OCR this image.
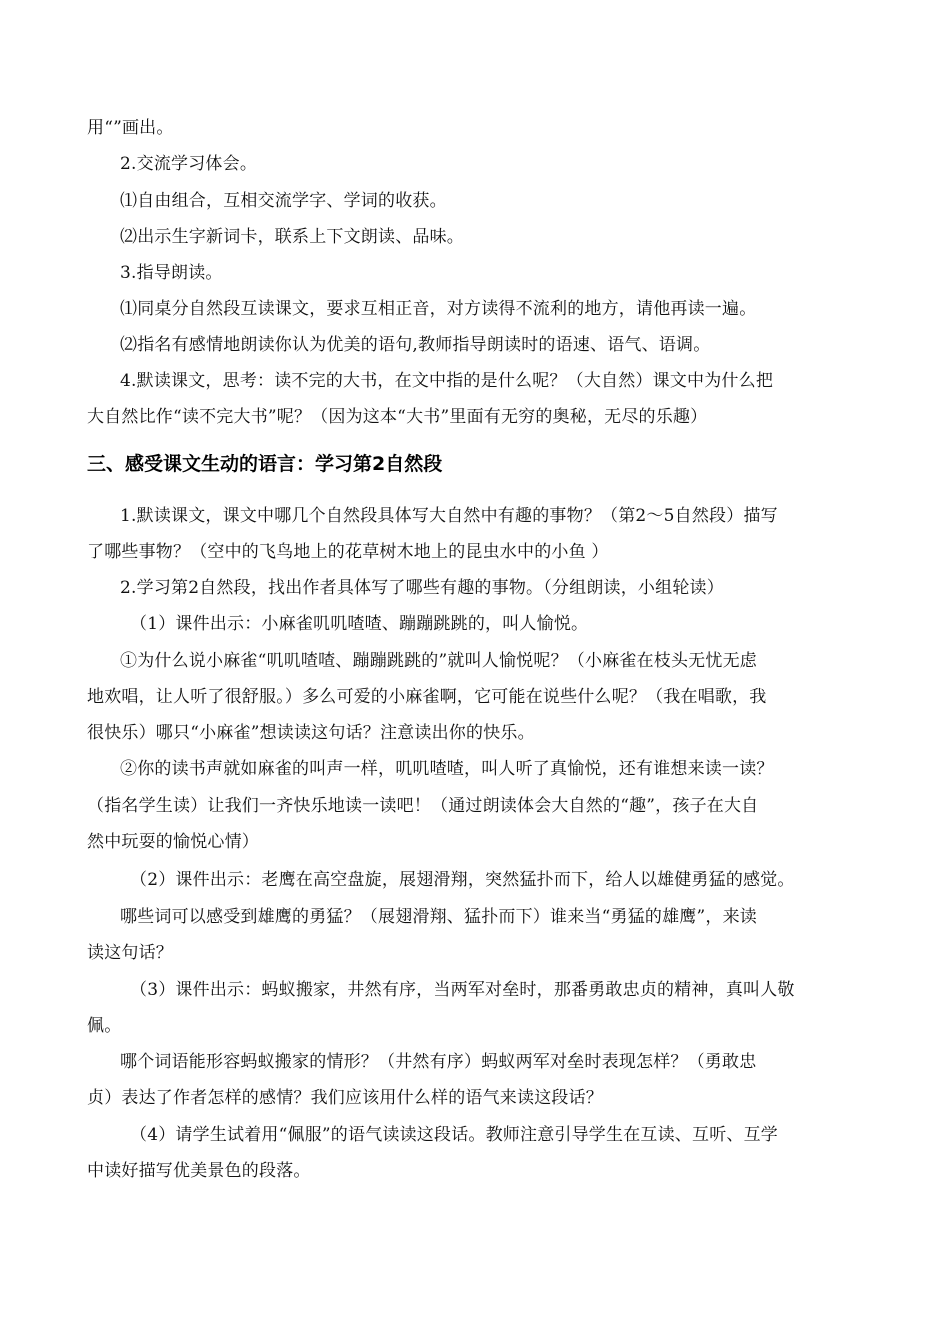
用“”画出。
2.交流学习体会。
⑴自由组合，互相交流学字、学词的收获。
⑵出示生字新词卡，联系上下文朗读、品味。
3.指导朗读。
⑴同桌分自然段互读课文，要求互相正音，对方读得不流利的地方，请他再读一遍。
⑵指名有感情地朗读你认为优美的语句,教师指导朗读时的语速、语气、语调。
4.默读课文，思考：读不完的大书，在文中指的是什么呢？（大自然）课文中为什么把
大自然比作“读不完大书”呢？（因为这本“大书”里面有无穷的奥秘，无尽的乐趣）
三、感受课文生动的语言：学习第2自然段
1.默读课文，课文中哪几个自然段具体写大自然中有趣的事物？（第2～5自然段）描写
了哪些事物？（空中的飞鸟地上的花草树木地上的昆虫水中的小鱼 ）
2.学习第2自然段，找出作者具体写了哪些有趣的事物。（分组朗读，小组轮读）
（1）课件出示：小麻雀叽叽喳喳、蹦蹦跳跳的，叫人愉悦。
①为什么说小麻雀“叽叽喳喳、蹦蹦跳跳的”就叫人愉悦呢？（小麻雀在枝头无忧无虑
地欢唱，让人听了很舒服。）多么可爱的小麻雀啊，它可能在说些什么呢？（我在唱歌，我
很快乐）哪只“小麻雀”想读读这句话？注意读出你的快乐。
②你的读书声就如麻雀的叫声一样，叽叽喳喳，叫人听了真愉悦，还有谁想来读一读？
（指名学生读）让我们一齐快乐地读一读吧！（通过朗读体会大自然的“趣”，孩子在大自
然中玩耍的愉悦心情）
（2）课件出示：老鹰在高空盘旋，展翅滑翔，突然猛扑而下，给人以雄健勇猛的感觉。
哪些词可以感受到雄鹰的勇猛？（展翅滑翔、猛扑而下）谁来当“勇猛的雄鹰”，来读
读这句话？
（3）课件出示：蚂蚁搬家，井然有序，当两军对垒时，那番勇敢忠贞的精神，真叫人敬
佩。
哪个词语能形容蚂蚁搬家的情形？（井然有序）蚂蚁两军对垒时表现怎样？（勇敢忠
贞）表达了作者怎样的感情？我们应该用什么样的语气来读这段话？
（4）请学生试着用“佩服”的语气读读这段话。教师注意引导学生在互读、互听、互学
中读好描写优美景色的段落。
